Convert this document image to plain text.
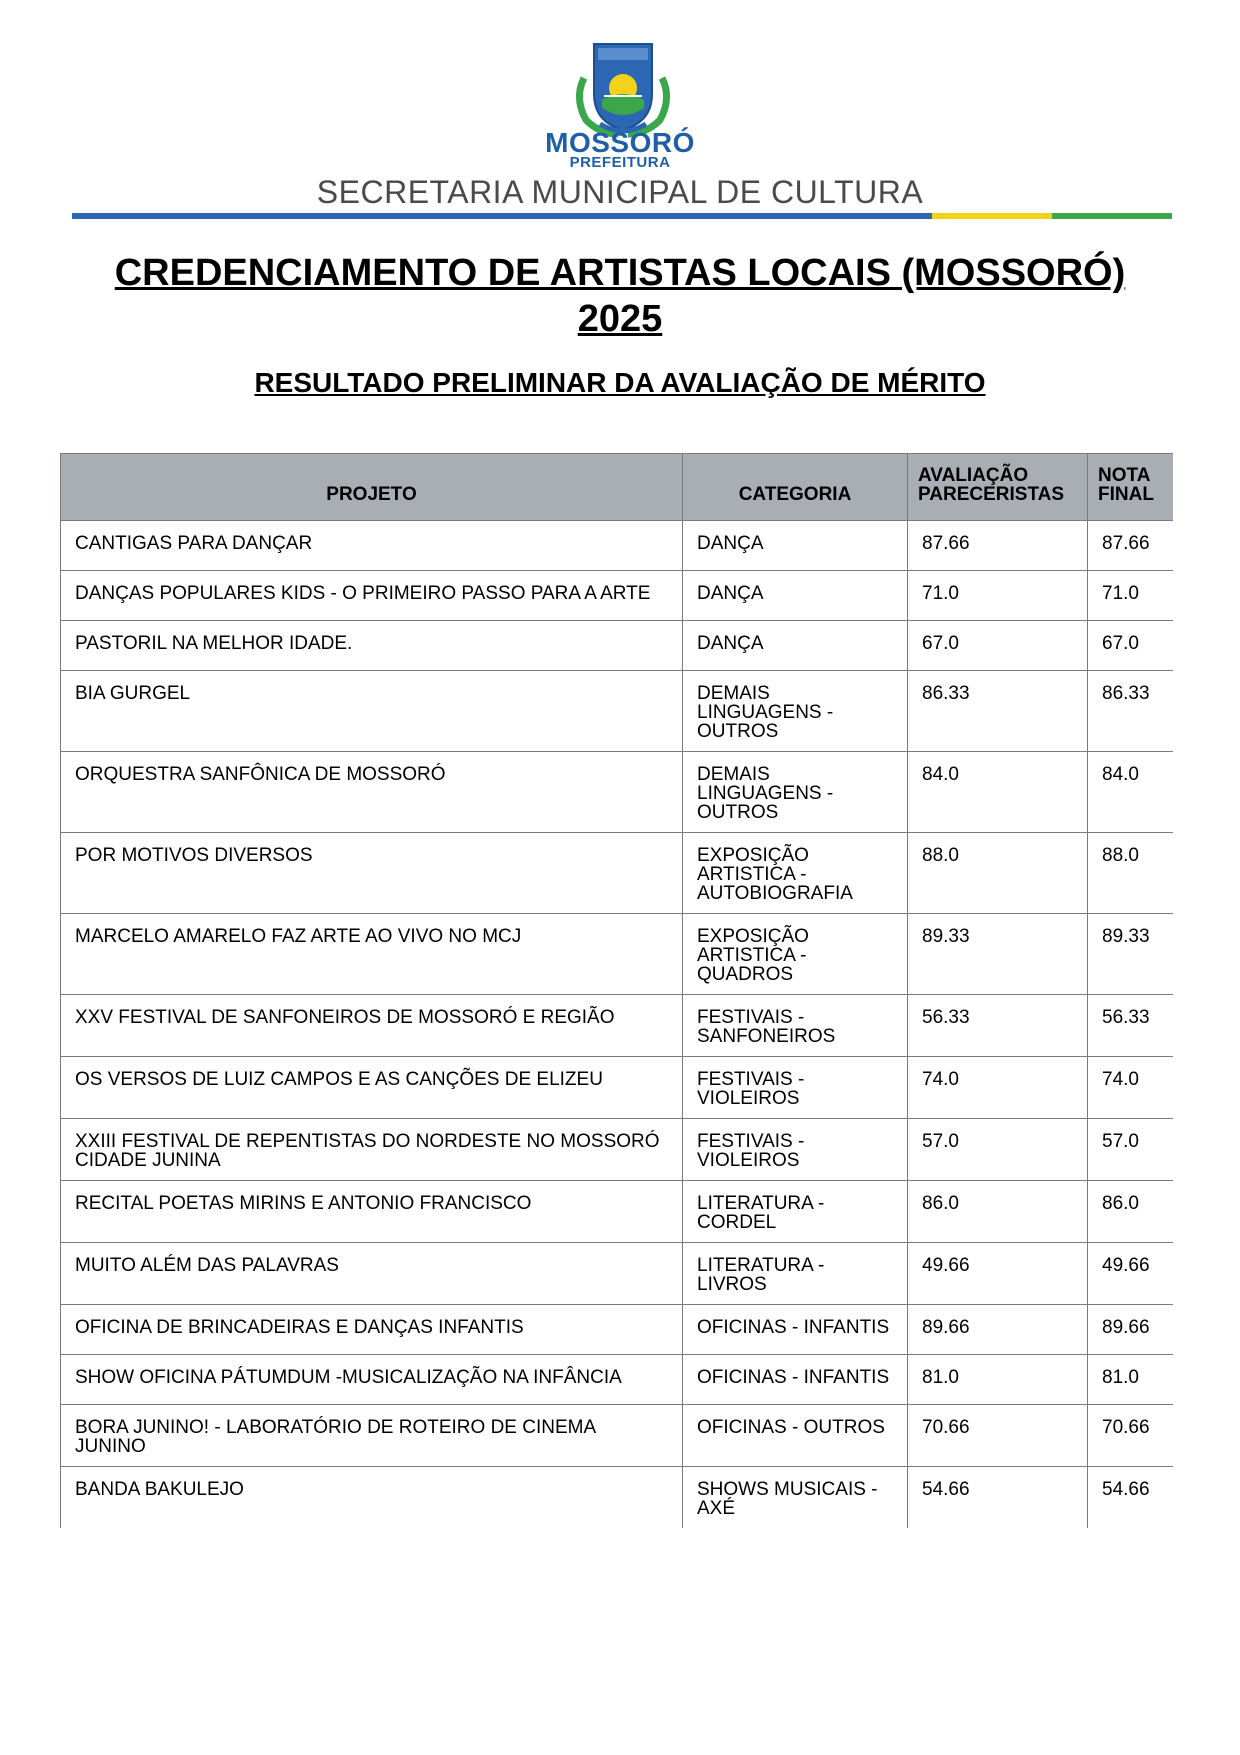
MOSSORÓ
PREFEITURA
SECRETARIA MUNICIPAL DE CULTURA
CREDENCIAMENTO DE ARTISTAS LOCAIS (MOSSORÓ)
2025
RESULTADO PRELIMINAR DA AVALIAÇÃO DE MÉRITO
PROJETO	CATEGORIA	AVALIAÇÃO PARECERISTAS	NOTA FINAL
CANTIGAS PARA DANÇAR	DANÇA	87.66	87.66
DANÇAS POPULARES KIDS - O PRIMEIRO PASSO PARA A ARTE	DANÇA	71.0	71.0
PASTORIL NA MELHOR IDADE.	DANÇA	67.0	67.0
BIA GURGEL	DEMAIS LINGUAGENS - OUTROS	86.33	86.33
ORQUESTRA SANFÔNICA DE MOSSORÓ	DEMAIS LINGUAGENS - OUTROS	84.0	84.0
POR MOTIVOS DIVERSOS	EXPOSIÇÃO ARTISTICA - AUTOBIOGRAFIA	88.0	88.0
MARCELO AMARELO FAZ ARTE AO VIVO NO MCJ	EXPOSIÇÃO ARTISTICA - QUADROS	89.33	89.33
XXV FESTIVAL DE SANFONEIROS DE MOSSORÓ E REGIÃO	FESTIVAIS - SANFONEIROS	56.33	56.33
OS VERSOS DE LUIZ CAMPOS E AS CANÇÕES DE ELIZEU	FESTIVAIS - VIOLEIROS	74.0	74.0
XXIII FESTIVAL DE REPENTISTAS DO NORDESTE NO MOSSORÓ CIDADE JUNINA	FESTIVAIS - VIOLEIROS	57.0	57.0
RECITAL POETAS MIRINS E ANTONIO FRANCISCO	LITERATURA - CORDEL	86.0	86.0
MUITO ALÉM DAS PALAVRAS	LITERATURA - LIVROS	49.66	49.66
OFICINA DE BRINCADEIRAS E DANÇAS INFANTIS	OFICINAS - INFANTIS	89.66	89.66
SHOW OFICINA PÁTUMDUM -MUSICALIZAÇÃO NA INFÂNCIA	OFICINAS - INFANTIS	81.0	81.0
BORA JUNINO! - LABORATÓRIO DE ROTEIRO DE CINEMA JUNINO	OFICINAS - OUTROS	70.66	70.66
BANDA BAKULEJO	SHOWS MUSICAIS - AXÉ	54.66	54.66
